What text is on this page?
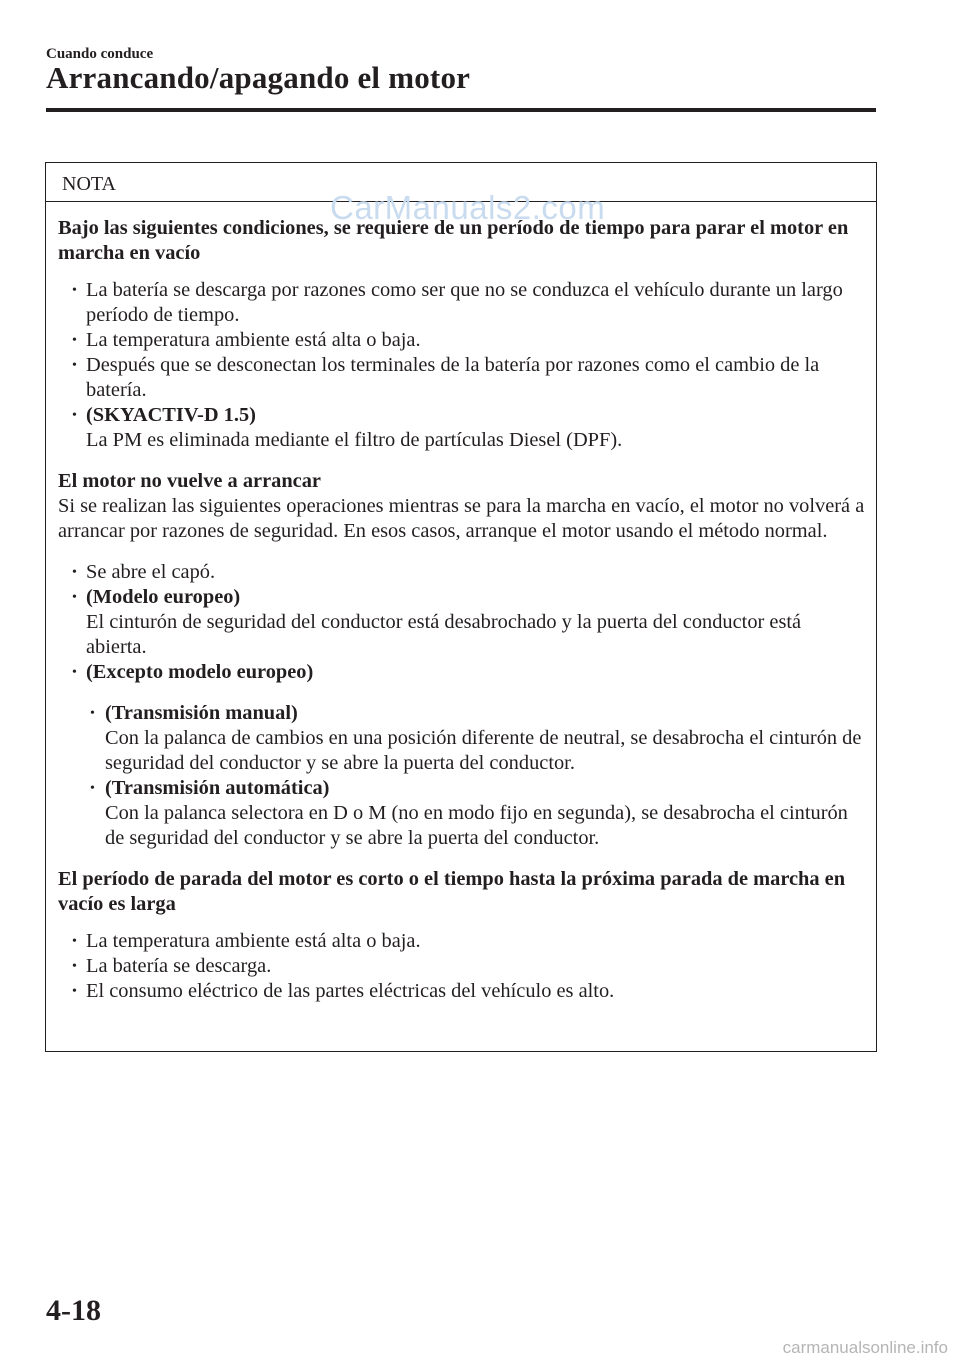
Cuando conduce
Arrancando/apagando el motor
NOTA

Bajo las siguientes condiciones, se requiere de un período de tiempo para parar el motor en marcha en vacío

• La batería se descarga por razones como ser que no se conduzca el vehículo durante un largo período de tiempo.
• La temperatura ambiente está alta o baja.
• Después que se desconectan los terminales de la batería por razones como el cambio de la batería.
• (SKYACTIV-D 1.5)
La PM es eliminada mediante el filtro de partículas Diesel (DPF).

El motor no vuelve a arrancar

Si se realizan las siguientes operaciones mientras se para la marcha en vacío, el motor no volverá a arrancar por razones de seguridad. En esos casos, arranque el motor usando el método normal.

• Se abre el capó.
• (Modelo europeo)
El cinturón de seguridad del conductor está desabrochado y la puerta del conductor está abierta.
• (Excepto modelo europeo)
• (Transmisión manual)
Con la palanca de cambios en una posición diferente de neutral, se desabrocha el cinturón de seguridad del conductor y se abre la puerta del conductor.
• (Transmisión automática)
Con la palanca selectora en D o M (no en modo fijo en segunda), se desabrocha el cinturón de seguridad del conductor y se abre la puerta del conductor.

El período de parada del motor es corto o el tiempo hasta la próxima parada de marcha en vacío es larga

• La temperatura ambiente está alta o baja.
• La batería se descarga.
• El consumo eléctrico de las partes eléctricas del vehículo es alto.
CarManuals2.com
4-18
carmanualsonline.info
